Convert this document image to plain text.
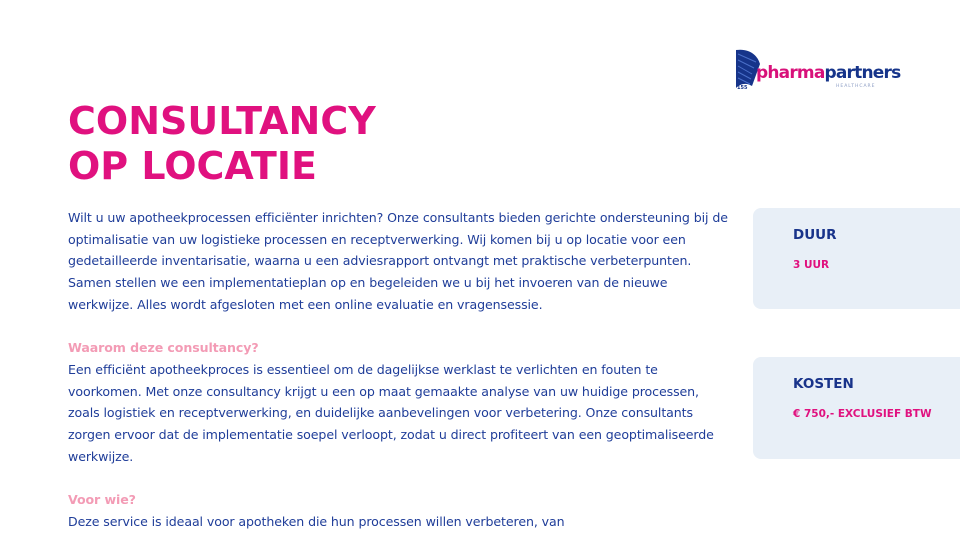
155
pharmapartners
HEALTHCARE
CONSULTANCY
OP LOCATIE

Wilt u uw apotheekprocessen efficiënter inrichten? Onze consultants bieden gerichte ondersteuning bij de optimalisatie van uw logistieke processen en receptverwerking. Wij komen bij u op locatie voor een gedetailleerde inventarisatie, waarna u een adviesrapport ontvangt met praktische verbeterpunten. Samen stellen we een implementatieplan op en begeleiden we u bij het invoeren van de nieuwe werkwijze. Alles wordt afgesloten met een online evaluatie en vragensessie.

Waarom deze consultancy?

Een efficiënt apotheekproces is essentieel om de dagelijkse werklast te verlichten en fouten te voorkomen. Met onze consultancy krijgt u een op maat gemaakte analyse van uw huidige processen, zoals logistiek en receptverwerking, en duidelijke aanbevelingen voor verbetering. Onze consultants zorgen ervoor dat de implementatie soepel verloopt, zodat u direct profiteert van een geoptimaliseerde werkwijze.

Voor wie?

Deze service is ideaal voor apotheken die hun processen willen verbeteren, van

DUUR
3 UUR
KOSTEN
€ 750,- EXCLUSIEF BTW
